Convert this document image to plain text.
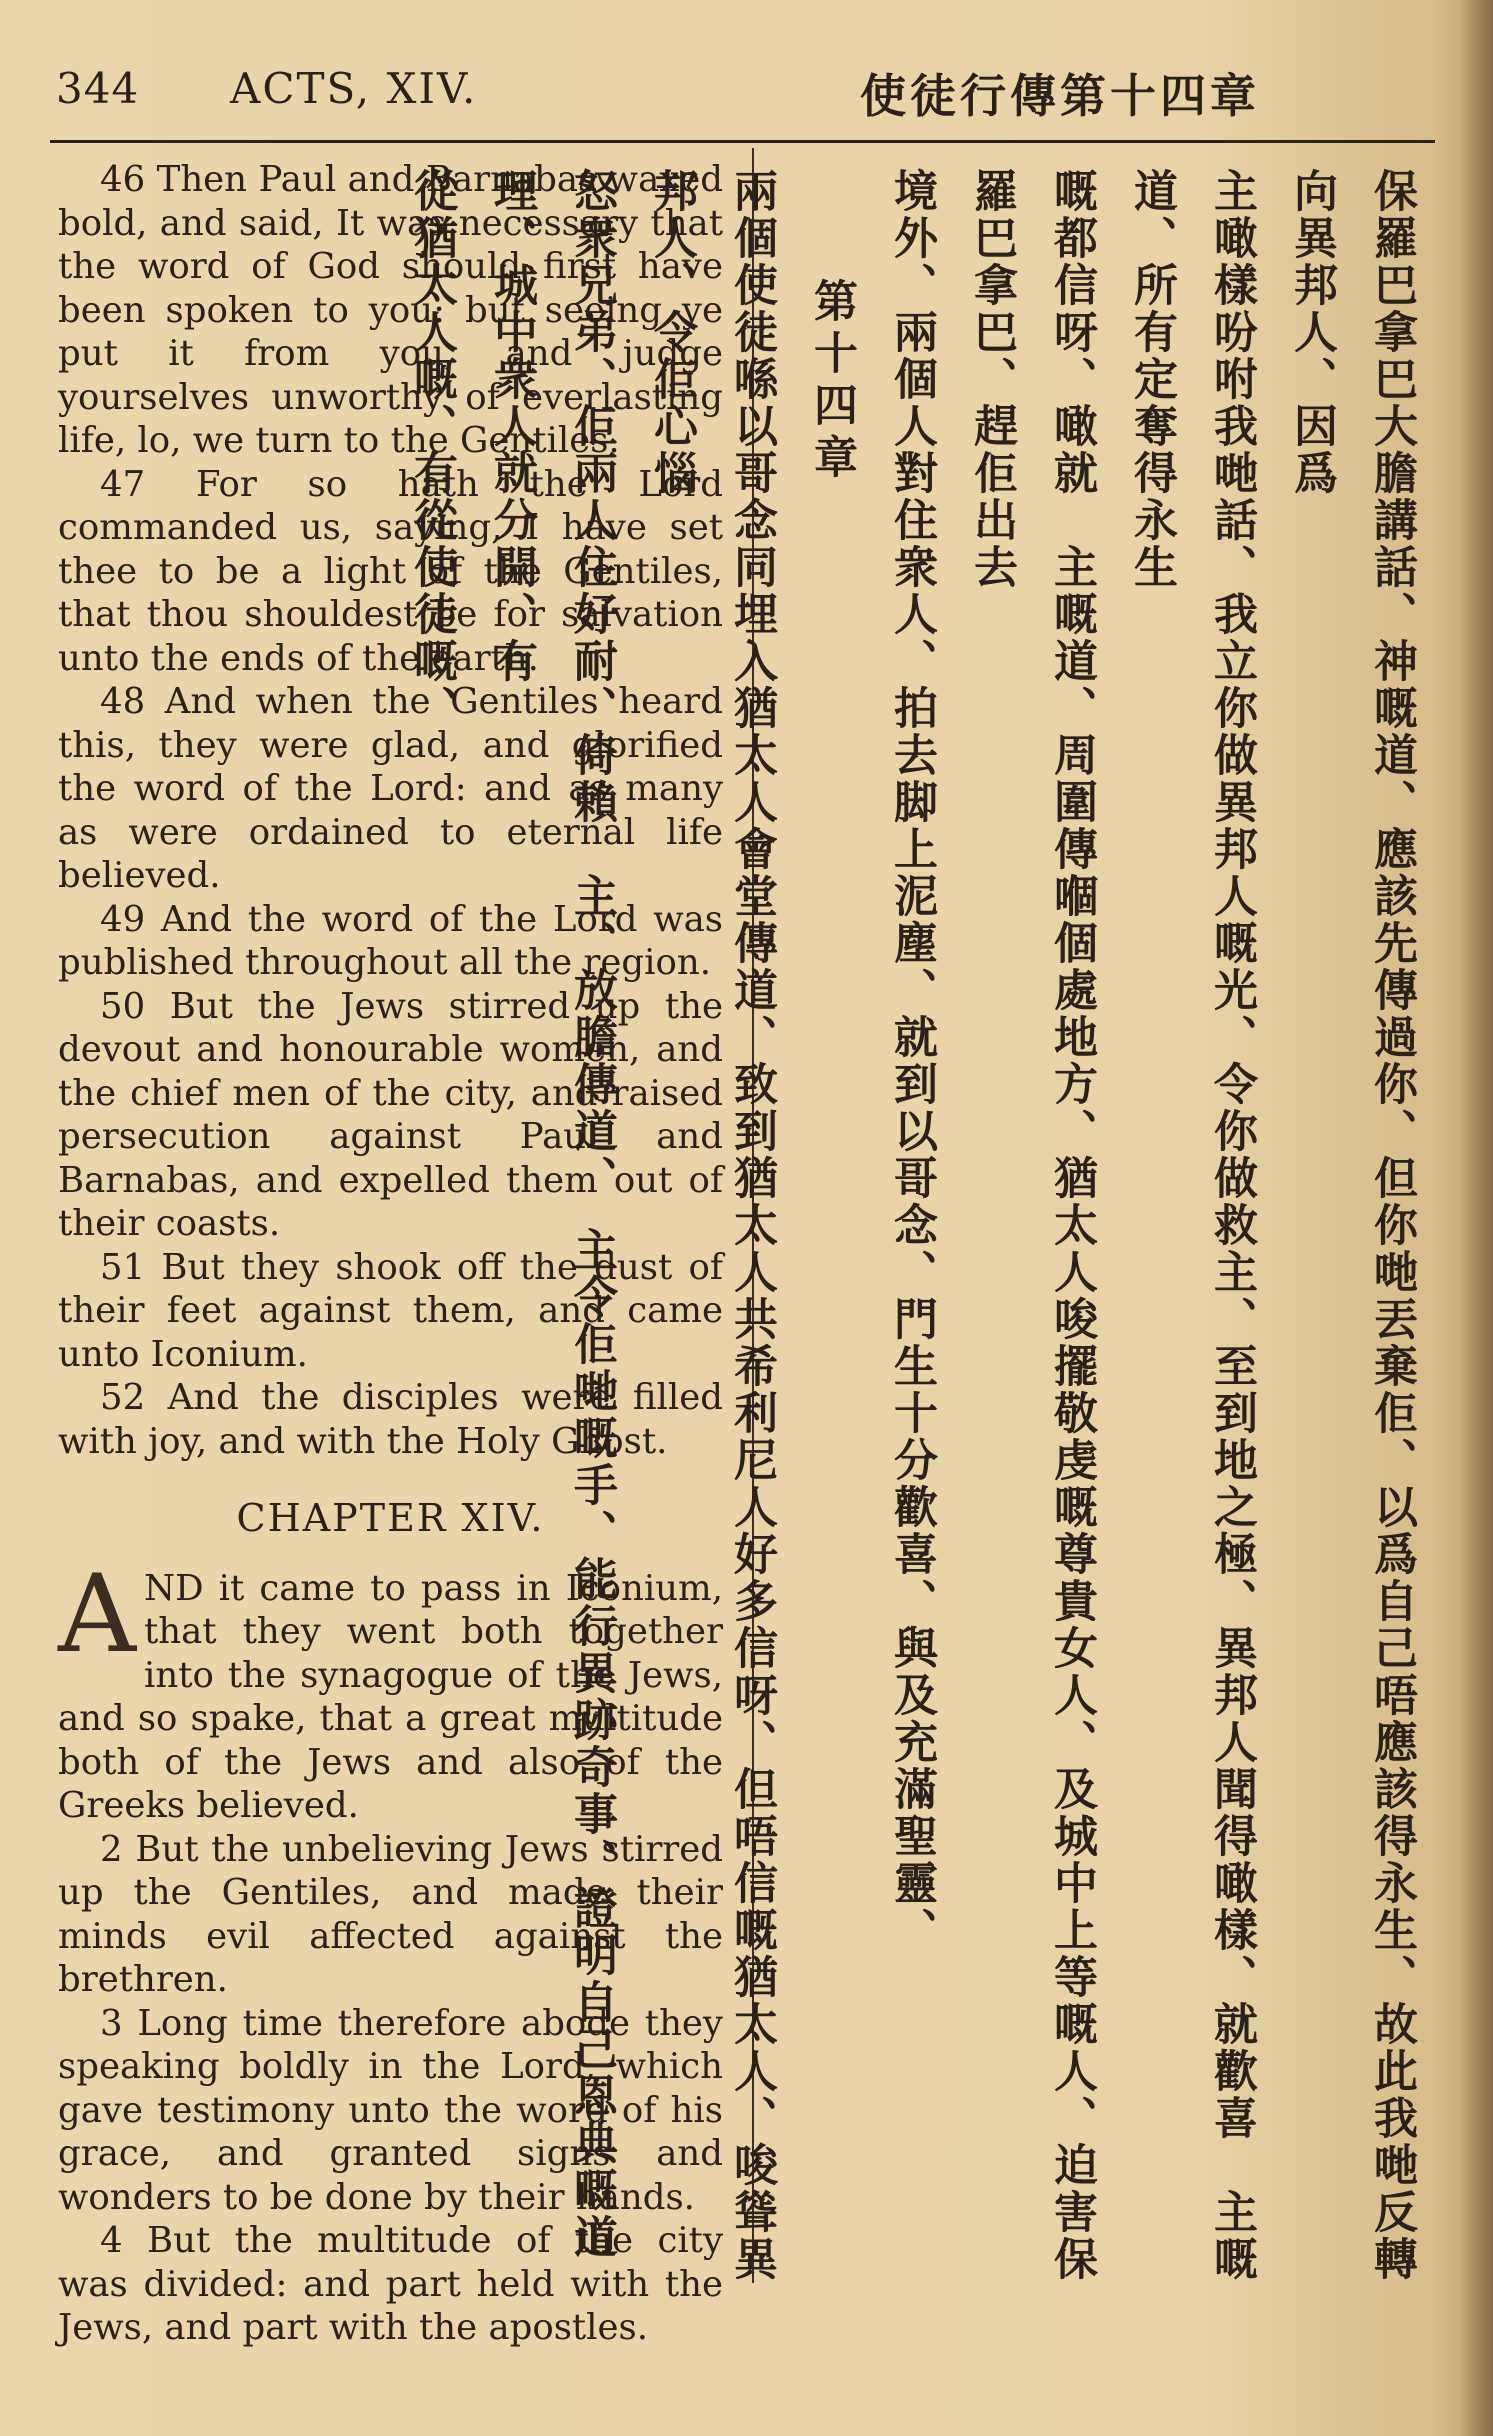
344 ACTS, XIV.	使徒行傳第十四章

46 Then Paul and Barnabas waxed bold, and said, It was necessary that the word of God should first have been spoken to you: but seeing ye put it from you, and judge yourselves unworthy of everlasting life, lo, we turn to the Gentiles.

47 For so hath the Lord commanded us, saying, I have set thee to be a light of the Gentiles, that thou shouldest be for salvation unto the ends of the earth.

48 And when the Gentiles heard this, they were glad, and glorified the word of the Lord: and as many as were ordained to eternal life believed.

49 And the word of the Lord was published throughout all the region.

50 But the Jews stirred up the devout and honourable women, and the chief men of the city, and raised persecution against Paul and Barnabas, and expelled them out of their coasts.

51 But they shook off the dust of their feet against them, and came unto Iconium.

52 And the disciples were filled with joy, and with the Holy Ghost.

CHAPTER XIV.

AND it came to pass in Iconium, that they went both together into the synagogue of the Jews, and so spake, that a great multitude both of the Jews and also of the Greeks believed.

2 But the unbelieving Jews stirred up the Gentiles, and made their minds evil affected against the brethren.

3 Long time therefore abode they speaking boldly in the Lord, which gave testimony unto the word of his grace, and granted signs and wonders to be done by their hands.

4 But the multitude of the city was divided: and part held with the Jews, and part with the apostles.

保羅巴拿巴大膽講話、神嘅道、應該先傳過你、但你哋丟棄佢、以爲自己唔應該得永生、故此我哋反轉向異邦人、因爲
主噉樣吩咐我哋話、我立你做異邦人嘅光、令你做救主、至到地之極、異邦人聞得噉樣、就歡喜　主嘅道、所有定奪得永生
嘅都信呀、噉就　主嘅道、周圍傳嗰個處地方、猶太人唆擺敬虔嘅尊貴女人、及城中上等嘅人、迫害保羅巴拿巴、趕佢出去
境外、兩個人對住衆人、拍去脚上泥塵、就到以哥念、門生十分歡喜、與及充滿聖靈、
第十四章
兩個使徒喺以哥念同埋入猶太人會堂傳道、致到猶太人共希利尼人好多信呀、但唔信嘅猶太人、唆聳異邦人、令佢心惱
怒衆兄弟、佢兩人住好耐、倚賴　主、放膽傳道、　主令佢哋嘅手、能行異跡奇事、證明自己恩典嘅道理、城中衆人就分開、有
從猶太人嘅、有從使徒嘅、
